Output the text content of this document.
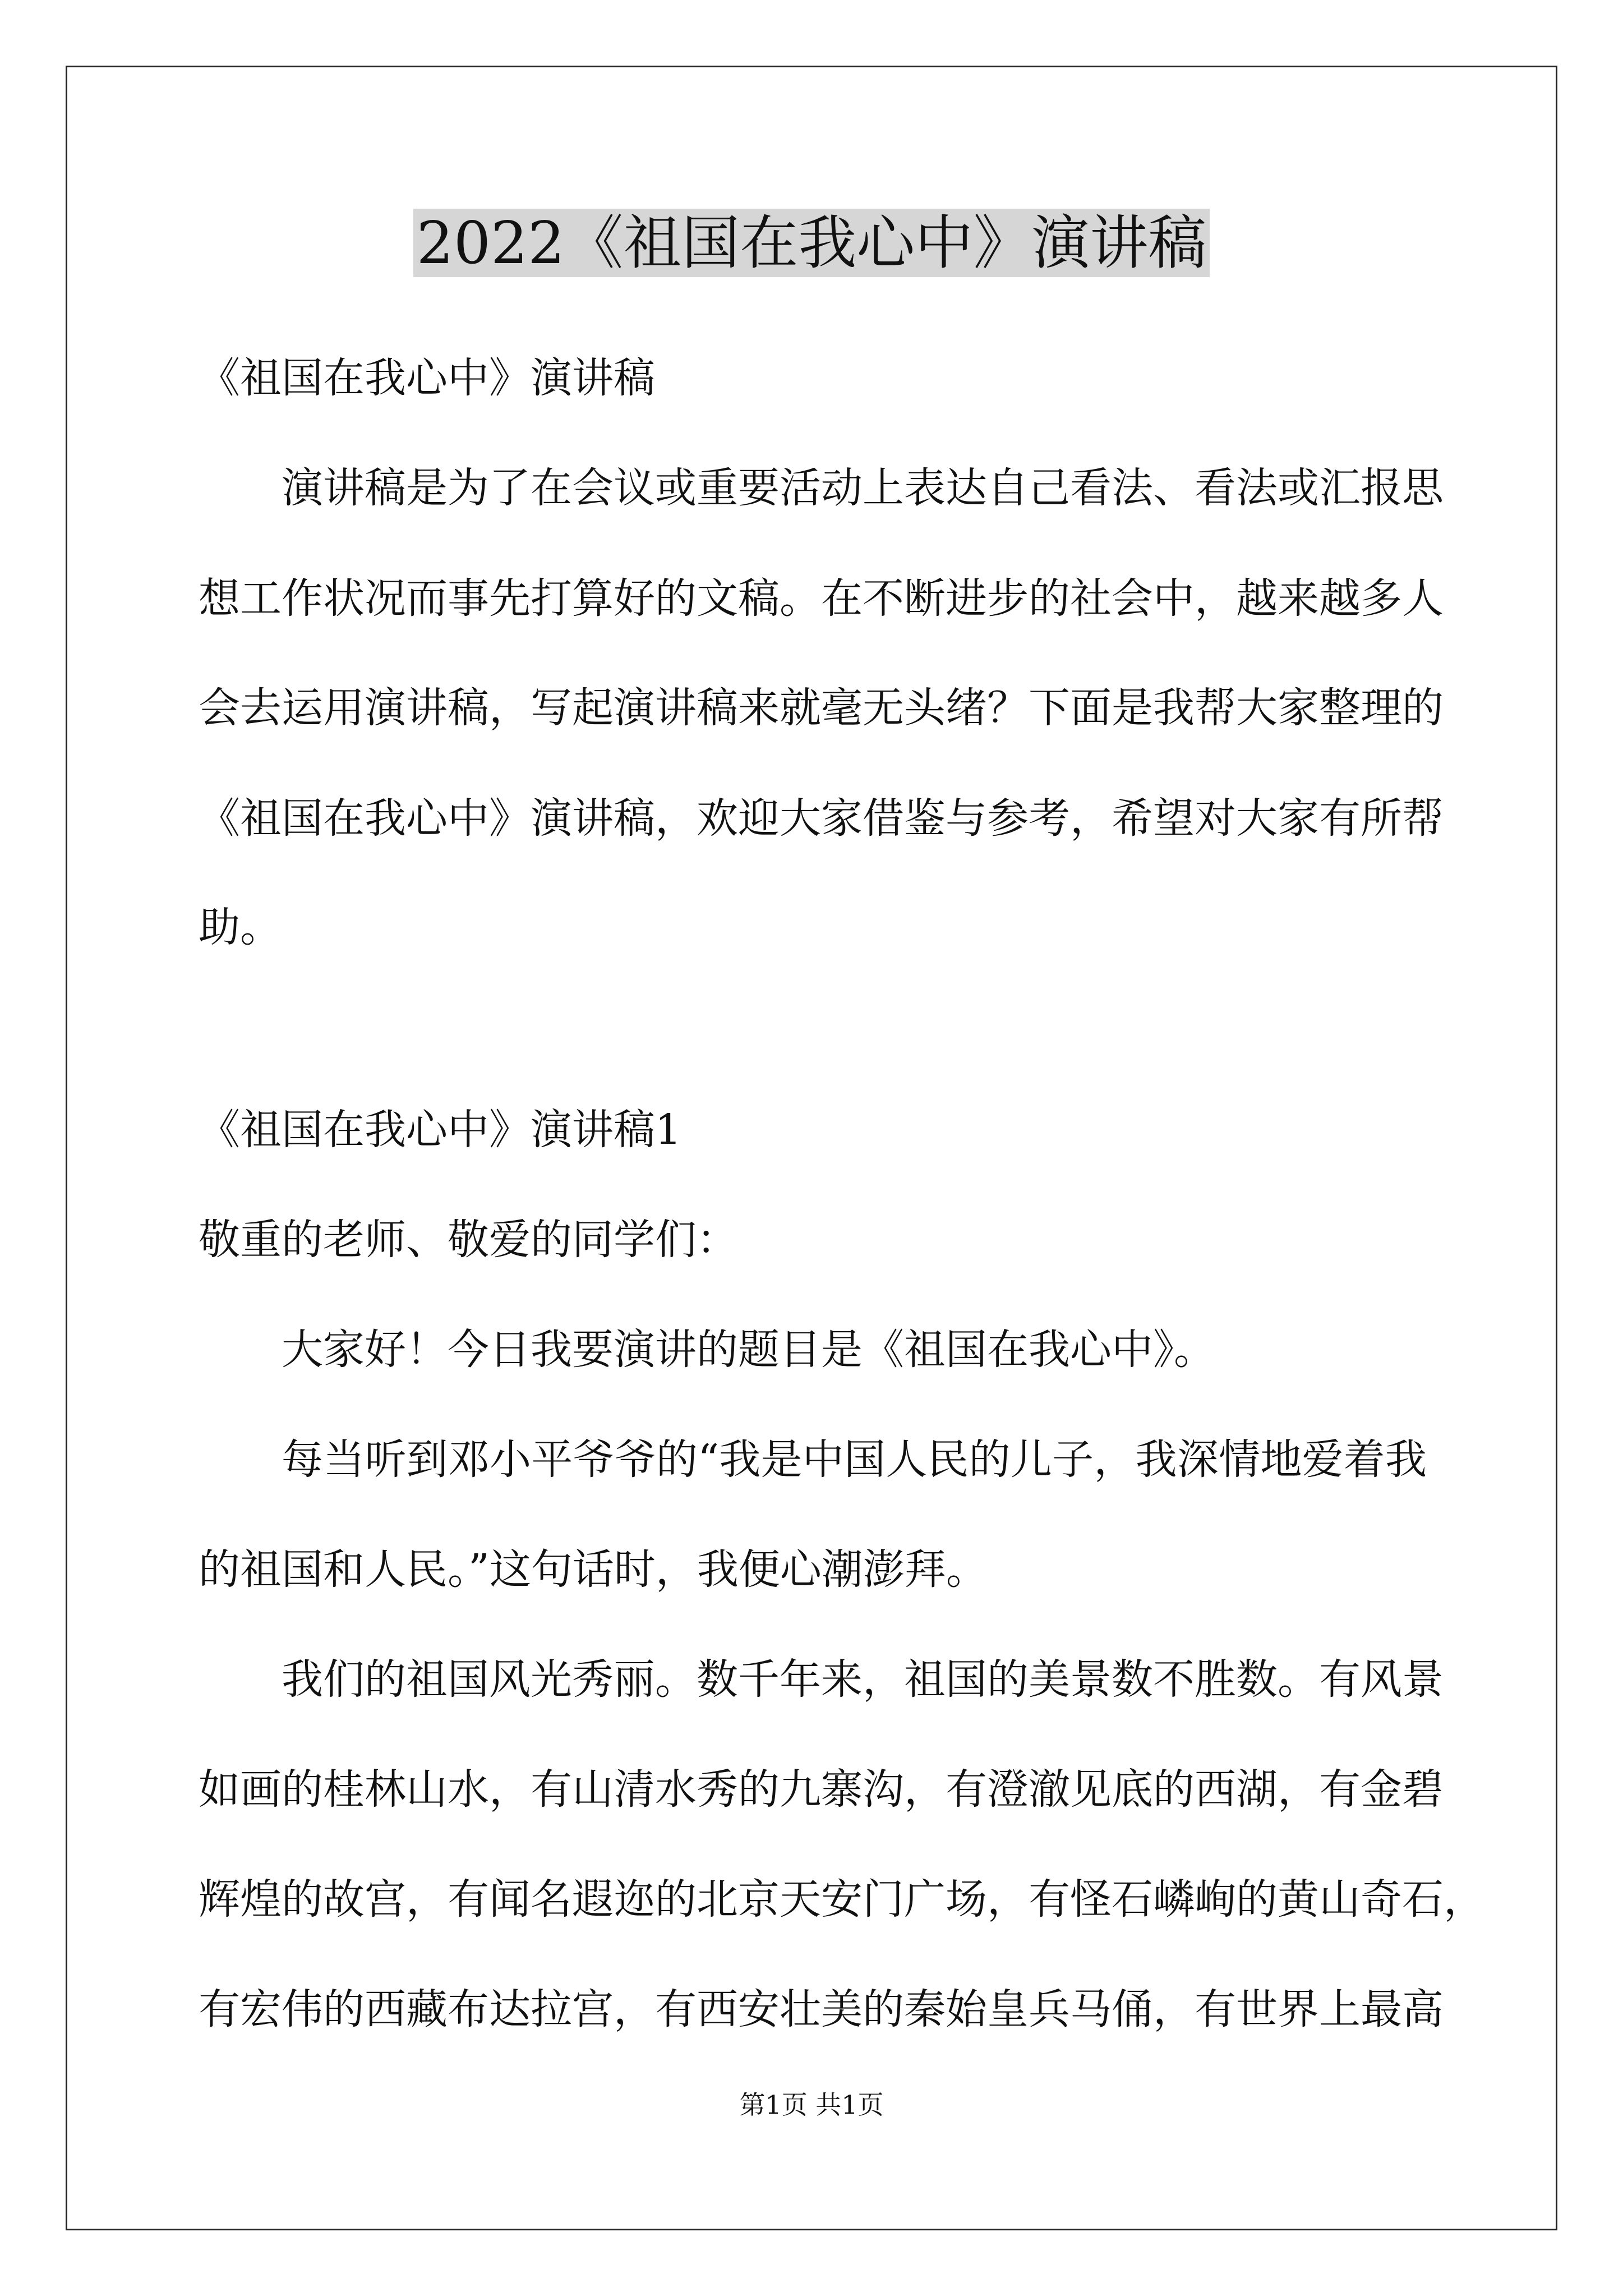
2022《祖国在我心中》演讲稿
《祖国在我心中》演讲稿
演讲稿是为了在会议或重要活动上表达自己看法、看法或汇报思
想工作状况而事先打算好的文稿。在不断进步的社会中，越来越多人
会去运用演讲稿，写起演讲稿来就毫无头绪？下面是我帮大家整理的
《祖国在我心中》演讲稿，欢迎大家借鉴与参考，希望对大家有所帮
助。
《祖国在我心中》演讲稿1
敬重的老师、敬爱的同学们：
大家好！今日我要演讲的题目是《祖国在我心中》。
每当听到邓小平爷爷的“我是中国人民的儿子，我深情地爱着我
的祖国和人民。”这句话时，我便心潮澎拜。
我们的祖国风光秀丽。数千年来，祖国的美景数不胜数。有风景
如画的桂林山水，有山清水秀的九寨沟，有澄澈见底的西湖，有金碧
辉煌的故宫，有闻名遐迩的北京天安门广场，有怪石嶙峋的黄山奇石，
有宏伟的西藏布达拉宫，有西安壮美的秦始皇兵马俑，有世界上最高
第1页 共1页
